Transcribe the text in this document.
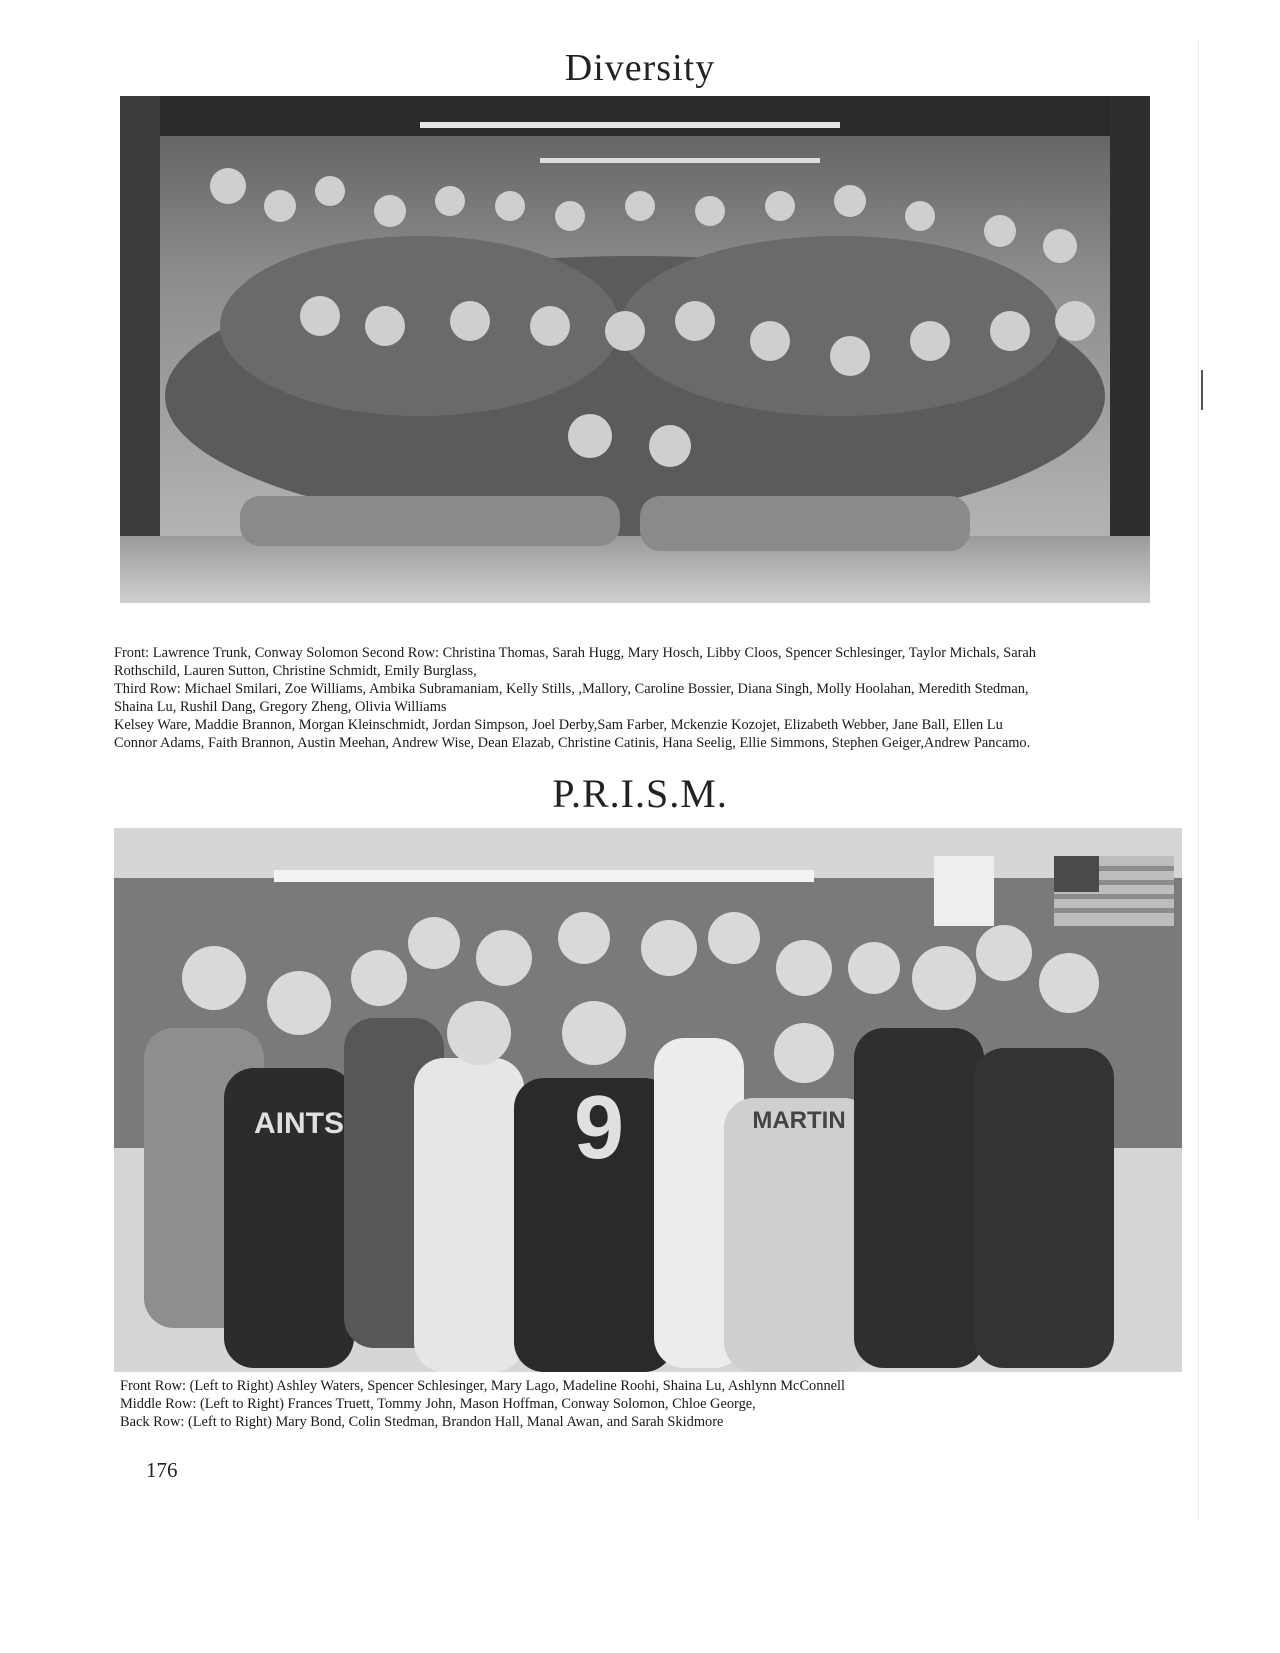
Diversity
Front: Lawrence Trunk, Conway Solomon Second Row: Christina Thomas, Sarah Hugg, Mary Hosch, Libby Cloos, Spencer Schlesinger, Taylor Michals, Sarah
Rothschild, Lauren Sutton, Christine Schmidt, Emily Burglass,
Third Row: Michael Smilari, Zoe Williams, Ambika Subramaniam, Kelly Stills, ,Mallory, Caroline Bossier, Diana Singh, Molly Hoolahan, Meredith Stedman,
Shaina Lu, Rushil Dang, Gregory Zheng, Olivia Williams
Kelsey Ware, Maddie Brannon, Morgan Kleinschmidt, Jordan Simpson, Joel Derby,Sam Farber, Mckenzie Kozojet, Elizabeth Webber, Jane Ball, Ellen Lu
Connor Adams, Faith Brannon, Austin Meehan, Andrew Wise, Dean Elazab, Christine Catinis, Hana Seelig, Ellie Simmons, Stephen Geiger,Andrew Pancamo.
P.R.I.S.M.
9
AINTS	MARTIN
Front Row: (Left to Right) Ashley Waters, Spencer Schlesinger, Mary Lago, Madeline Roohi, Shaina Lu, Ashlynn McConnell
Middle Row: (Left to Right) Frances Truett, Tommy John, Mason Hoffman, Conway Solomon, Chloe George,
Back Row: (Left to Right) Mary Bond, Colin Stedman, Brandon Hall, Manal Awan, and Sarah Skidmore
176
